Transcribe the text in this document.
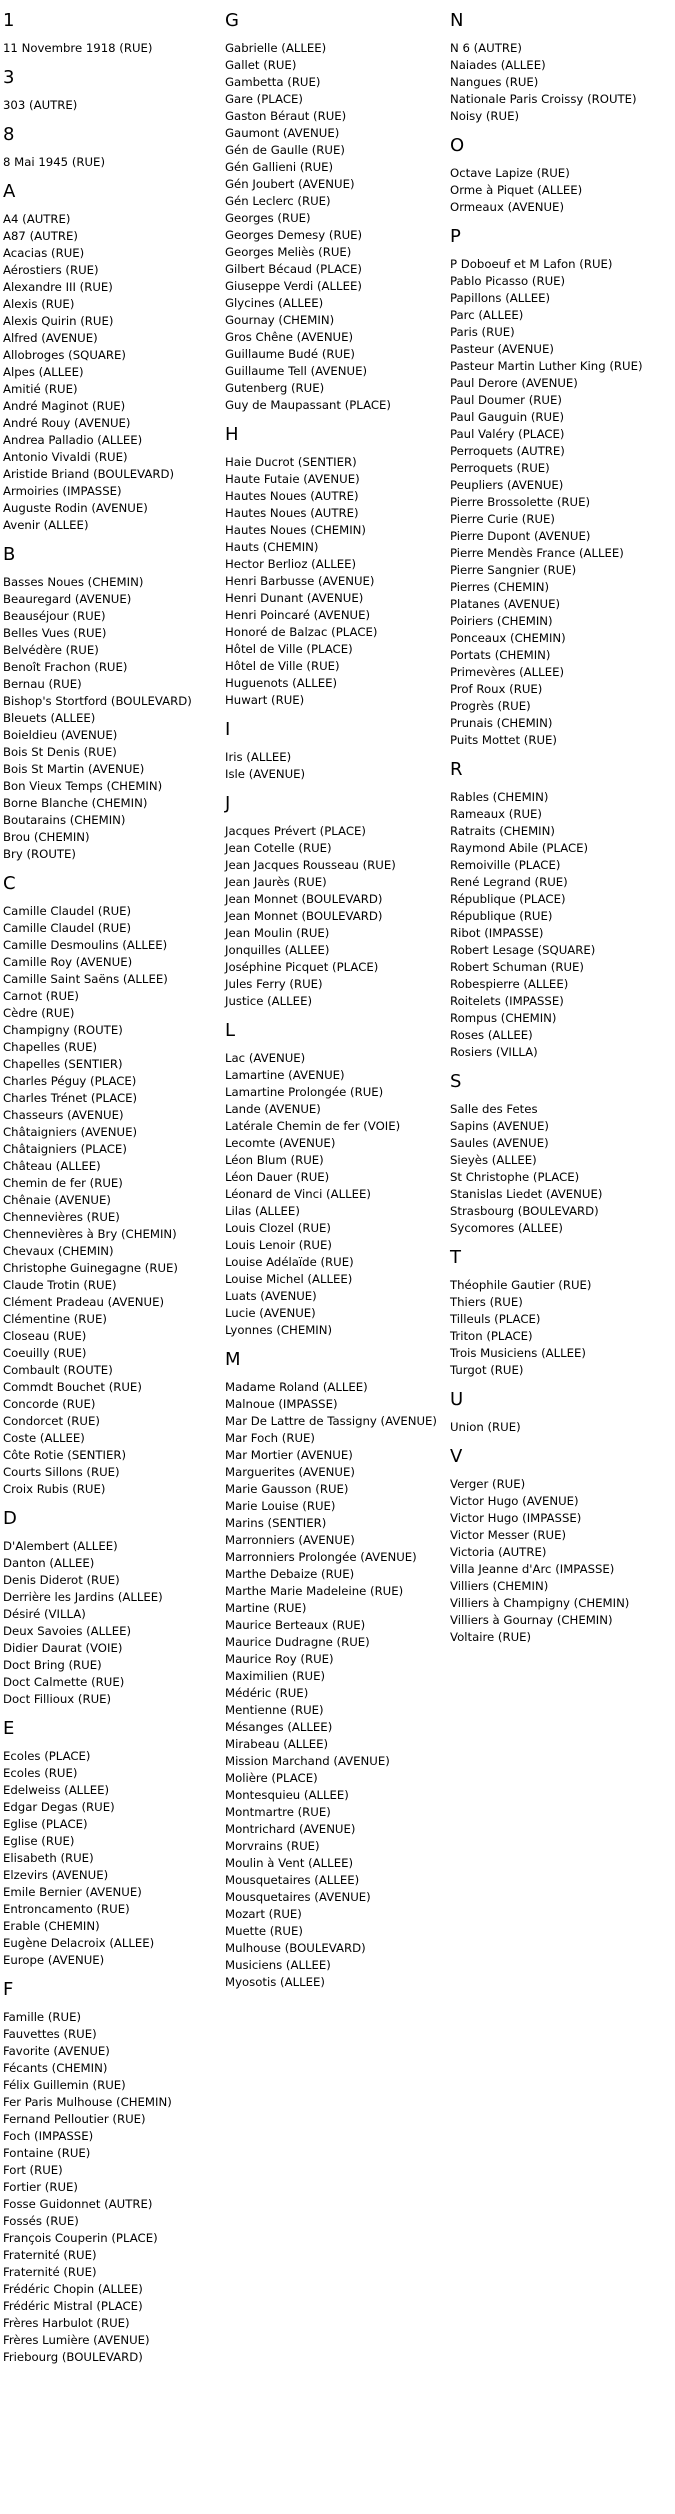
1
11 Novembre 1918 (RUE)
3
303 (AUTRE)
8
8 Mai 1945 (RUE)
A
A4 (AUTRE)
A87 (AUTRE)
Acacias (RUE)
Aérostiers (RUE)
Alexandre III (RUE)
Alexis (RUE)
Alexis Quirin (RUE)
Alfred (AVENUE)
Allobroges (SQUARE)
Alpes (ALLEE)
Amitié (RUE)
André Maginot (RUE)
André Rouy (AVENUE)
Andrea Palladio (ALLEE)
Antonio Vivaldi (RUE)
Aristide Briand (BOULEVARD)
Armoiries (IMPASSE)
Auguste Rodin (AVENUE)
Avenir (ALLEE)
B
Basses Noues (CHEMIN)
Beauregard (AVENUE)
Beauséjour (RUE)
Belles Vues (RUE)
Belvédère (RUE)
Benoît Frachon (RUE)
Bernau (RUE)
Bishop's Stortford (BOULEVARD)
Bleuets (ALLEE)
Boieldieu (AVENUE)
Bois St Denis (RUE)
Bois St Martin (AVENUE)
Bon Vieux Temps (CHEMIN)
Borne Blanche (CHEMIN)
Boutarains (CHEMIN)
Brou (CHEMIN)
Bry (ROUTE)
C
Camille Claudel (RUE)
Camille Claudel (RUE)
Camille Desmoulins (ALLEE)
Camille Roy (AVENUE)
Camille Saint Saëns (ALLEE)
Carnot (RUE)
Cèdre (RUE)
Champigny (ROUTE)
Chapelles (RUE)
Chapelles (SENTIER)
Charles Péguy (PLACE)
Charles Trénet (PLACE)
Chasseurs (AVENUE)
Châtaigniers (AVENUE)
Châtaigniers (PLACE)
Château (ALLEE)
Chemin de fer (RUE)
Chênaie (AVENUE)
Chennevières (RUE)
Chennevières à Bry (CHEMIN)
Chevaux (CHEMIN)
Christophe Guinegagne (RUE)
Claude Trotin (RUE)
Clément Pradeau (AVENUE)
Clémentine (RUE)
Closeau (RUE)
Coeuilly (RUE)
Combault (ROUTE)
Commdt Bouchet (RUE)
Concorde (RUE)
Condorcet (RUE)
Coste (ALLEE)
Côte Rotie (SENTIER)
Courts Sillons (RUE)
Croix Rubis (RUE)
D
D'Alembert (ALLEE)
Danton (ALLEE)
Denis Diderot (RUE)
Derrière les Jardins (ALLEE)
Désiré (VILLA)
Deux Savoies (ALLEE)
Didier Daurat (VOIE)
Doct Bring (RUE)
Doct Calmette (RUE)
Doct Fillioux (RUE)
E
Ecoles (PLACE)
Ecoles (RUE)
Edelweiss (ALLEE)
Edgar Degas (RUE)
Eglise (PLACE)
Eglise (RUE)
Elisabeth (RUE)
Elzevirs (AVENUE)
Emile Bernier (AVENUE)
Entroncamento (RUE)
Erable (CHEMIN)
Eugène Delacroix (ALLEE)
Europe (AVENUE)
F
Famille (RUE)
Fauvettes (RUE)
Favorite (AVENUE)
Fécants (CHEMIN)
Félix Guillemin (RUE)
Fer Paris Mulhouse (CHEMIN)
Fernand Pelloutier (RUE)
Foch (IMPASSE)
Fontaine (RUE)
Fort (RUE)
Fortier (RUE)
Fosse Guidonnet (AUTRE)
Fossés (RUE)
François Couperin (PLACE)
Fraternité (RUE)
Fraternité (RUE)
Frédéric Chopin (ALLEE)
Frédéric Mistral (PLACE)
Frères Harbulot (RUE)
Frères Lumière (AVENUE)
Friebourg (BOULEVARD)
G
Gabrielle (ALLEE)
Gallet (RUE)
Gambetta (RUE)
Gare (PLACE)
Gaston Béraut (RUE)
Gaumont (AVENUE)
Gén de Gaulle (RUE)
Gén Gallieni (RUE)
Gén Joubert (AVENUE)
Gén Leclerc (RUE)
Georges (RUE)
Georges Demesy (RUE)
Georges Meliès (RUE)
Gilbert Bécaud (PLACE)
Giuseppe Verdi (ALLEE)
Glycines (ALLEE)
Gournay (CHEMIN)
Gros Chêne (AVENUE)
Guillaume Budé (RUE)
Guillaume Tell (AVENUE)
Gutenberg (RUE)
Guy de Maupassant (PLACE)
H
Haie Ducrot (SENTIER)
Haute Futaie (AVENUE)
Hautes Noues (AUTRE)
Hautes Noues (AUTRE)
Hautes Noues (CHEMIN)
Hauts (CHEMIN)
Hector Berlioz (ALLEE)
Henri Barbusse (AVENUE)
Henri Dunant (AVENUE)
Henri Poincaré (AVENUE)
Honoré de Balzac (PLACE)
Hôtel de Ville (PLACE)
Hôtel de Ville (RUE)
Huguenots (ALLEE)
Huwart (RUE)
I
Iris (ALLEE)
Isle (AVENUE)
J
Jacques Prévert (PLACE)
Jean Cotelle (RUE)
Jean Jacques Rousseau (RUE)
Jean Jaurès (RUE)
Jean Monnet (BOULEVARD)
Jean Monnet (BOULEVARD)
Jean Moulin (RUE)
Jonquilles (ALLEE)
Joséphine Picquet (PLACE)
Jules Ferry (RUE)
Justice (ALLEE)
L
Lac (AVENUE)
Lamartine (AVENUE)
Lamartine Prolongée (RUE)
Lande (AVENUE)
Latérale Chemin de fer (VOIE)
Lecomte (AVENUE)
Léon Blum (RUE)
Léon Dauer (RUE)
Léonard de Vinci (ALLEE)
Lilas (ALLEE)
Louis Clozel (RUE)
Louis Lenoir (RUE)
Louise Adélaïde (RUE)
Louise Michel (ALLEE)
Luats (AVENUE)
Lucie (AVENUE)
Lyonnes (CHEMIN)
M
Madame Roland (ALLEE)
Malnoue (IMPASSE)
Mar De Lattre de Tassigny (AVENUE)
Mar Foch (RUE)
Mar Mortier (AVENUE)
Marguerites (AVENUE)
Marie Gausson (RUE)
Marie Louise (RUE)
Marins (SENTIER)
Marronniers (AVENUE)
Marronniers Prolongée (AVENUE)
Marthe Debaize (RUE)
Marthe Marie Madeleine (RUE)
Martine (RUE)
Maurice Berteaux (RUE)
Maurice Dudragne (RUE)
Maurice Roy (RUE)
Maximilien (RUE)
Médéric (RUE)
Mentienne (RUE)
Mésanges (ALLEE)
Mirabeau (ALLEE)
Mission Marchand (AVENUE)
Molière (PLACE)
Montesquieu (ALLEE)
Montmartre (RUE)
Montrichard (AVENUE)
Morvrains (RUE)
Moulin à Vent (ALLEE)
Mousquetaires (ALLEE)
Mousquetaires (AVENUE)
Mozart (RUE)
Muette (RUE)
Mulhouse (BOULEVARD)
Musiciens (ALLEE)
Myosotis (ALLEE)
N
N 6 (AUTRE)
Naiades (ALLEE)
Nangues (RUE)
Nationale Paris Croissy (ROUTE)
Noisy (RUE)
O
Octave Lapize (RUE)
Orme à Piquet (ALLEE)
Ormeaux (AVENUE)
P
P Doboeuf et M Lafon (RUE)
Pablo Picasso (RUE)
Papillons (ALLEE)
Parc (ALLEE)
Paris (RUE)
Pasteur (AVENUE)
Pasteur Martin Luther King (RUE)
Paul Derore (AVENUE)
Paul Doumer (RUE)
Paul Gauguin (RUE)
Paul Valéry (PLACE)
Perroquets (AUTRE)
Perroquets (RUE)
Peupliers (AVENUE)
Pierre Brossolette (RUE)
Pierre Curie (RUE)
Pierre Dupont (AVENUE)
Pierre Mendès France (ALLEE)
Pierre Sangnier (RUE)
Pierres (CHEMIN)
Platanes (AVENUE)
Poiriers (CHEMIN)
Ponceaux (CHEMIN)
Portats (CHEMIN)
Primevères (ALLEE)
Prof Roux (RUE)
Progrès (RUE)
Prunais (CHEMIN)
Puits Mottet (RUE)
R
Rables (CHEMIN)
Rameaux (RUE)
Ratraits (CHEMIN)
Raymond Abile (PLACE)
Remoiville (PLACE)
René Legrand (RUE)
République (PLACE)
République (RUE)
Ribot (IMPASSE)
Robert Lesage (SQUARE)
Robert Schuman (RUE)
Robespierre (ALLEE)
Roitelets (IMPASSE)
Rompus (CHEMIN)
Roses (ALLEE)
Rosiers (VILLA)
S
Salle des Fetes
Sapins (AVENUE)
Saules (AVENUE)
Sieyès (ALLEE)
St Christophe (PLACE)
Stanislas Liedet (AVENUE)
Strasbourg (BOULEVARD)
Sycomores (ALLEE)
T
Théophile Gautier (RUE)
Thiers (RUE)
Tilleuls (PLACE)
Triton (PLACE)
Trois Musiciens (ALLEE)
Turgot (RUE)
U
Union (RUE)
V
Verger (RUE)
Victor Hugo (AVENUE)
Victor Hugo (IMPASSE)
Victor Messer (RUE)
Victoria (AUTRE)
Villa Jeanne d'Arc (IMPASSE)
Villiers (CHEMIN)
Villiers à Champigny (CHEMIN)
Villiers à Gournay (CHEMIN)
Voltaire (RUE)
